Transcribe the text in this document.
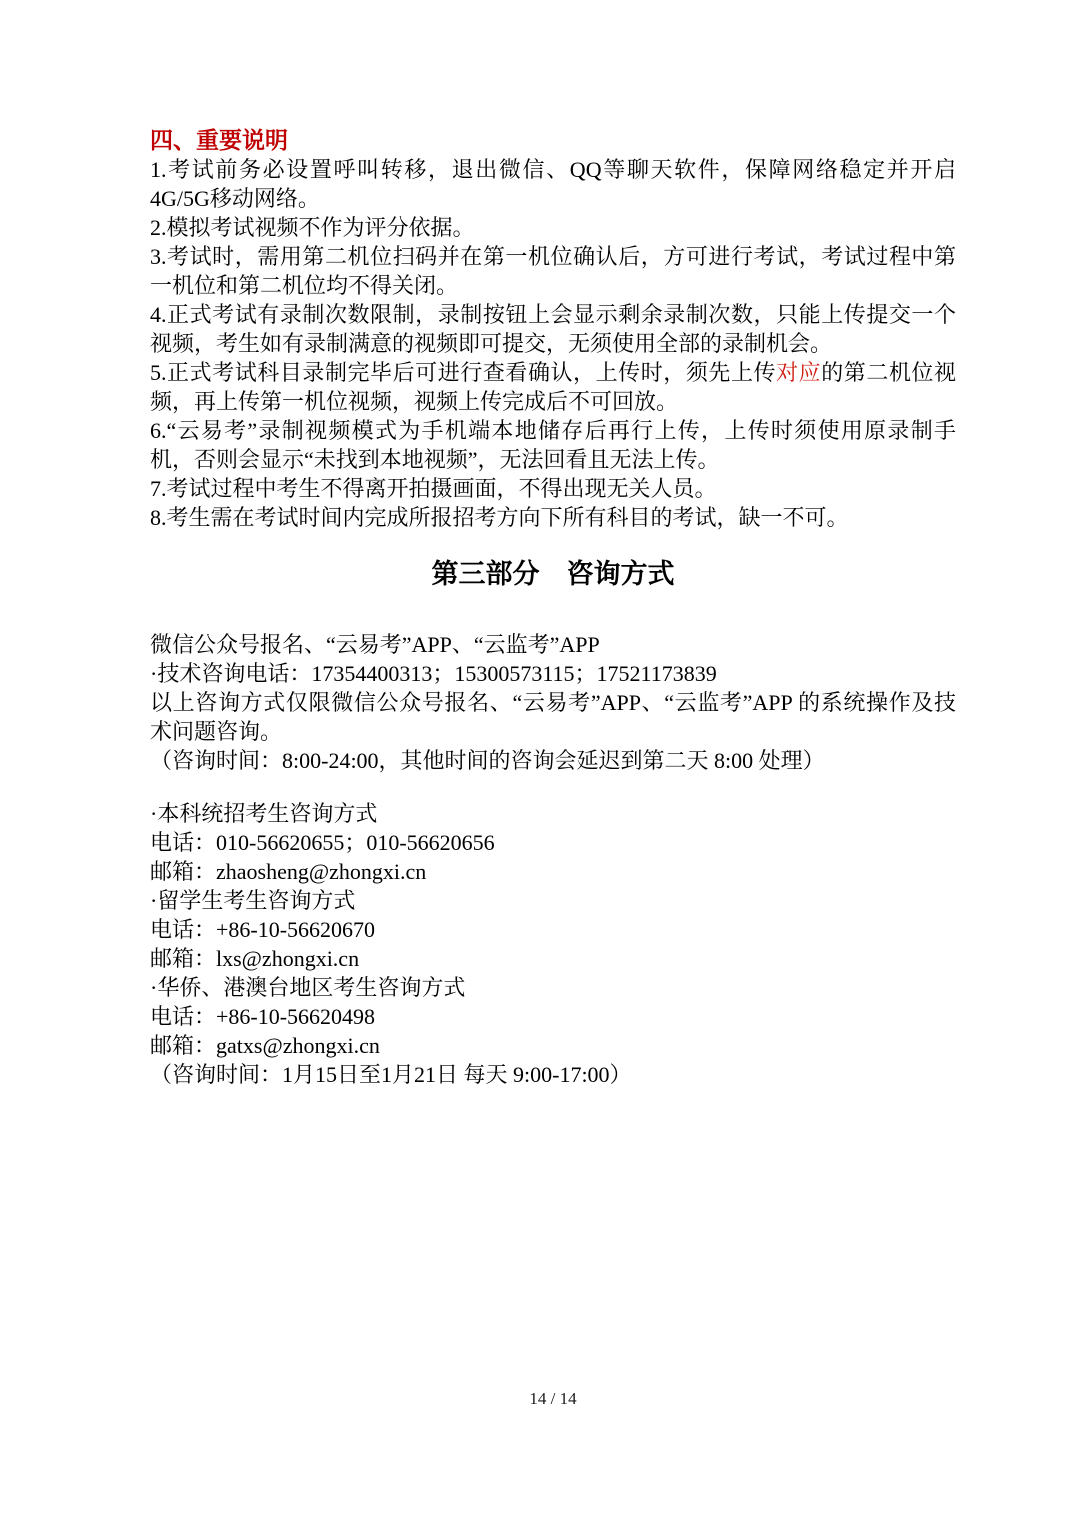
四、重要说明

1.考试前务必设置呼叫转移，退出微信、QQ等聊天软件，保障网络稳定并开启4G/5G移动网络。

2.模拟考试视频不作为评分依据。

3.考试时，需用第二机位扫码并在第一机位确认后，方可进行考试，考试过程中第一机位和第二机位均不得关闭。

4.正式考试有录制次数限制，录制按钮上会显示剩余录制次数，只能上传提交一个视频，考生如有录制满意的视频即可提交，无须使用全部的录制机会。

5.正式考试科目录制完毕后可进行查看确认，上传时，须先上传对应的第二机位视频，再上传第一机位视频，视频上传完成后不可回放。

6.“云易考”录制视频模式为手机端本地储存后再行上传，上传时须使用原录制手机，否则会显示“未找到本地视频”，无法回看且无法上传。

7.考试过程中考生不得离开拍摄画面，不得出现无关人员。

8.考生需在考试时间内完成所报招考方向下所有科目的考试，缺一不可。

第三部分　咨询方式

微信公众号报名、“云易考”APP、“云监考”APP

·技术咨询电话：17354400313；15300573115；17521173839

以上咨询方式仅限微信公众号报名、“云易考”APP、“云监考”APP 的系统操作及技术问题咨询。

（咨询时间：8:00-24:00，其他时间的咨询会延迟到第二天 8:00 处理）

·本科统招考生咨询方式

电话：010-56620655；010-56620656

邮箱：zhaosheng@zhongxi.cn

·留学生考生咨询方式

电话：+86-10-56620670

邮箱：lxs@zhongxi.cn

·华侨、港澳台地区考生咨询方式

电话：+86-10-56620498

邮箱：gatxs@zhongxi.cn

（咨询时间：1月15日至1月21日 每天 9:00-17:00）

14 / 14
